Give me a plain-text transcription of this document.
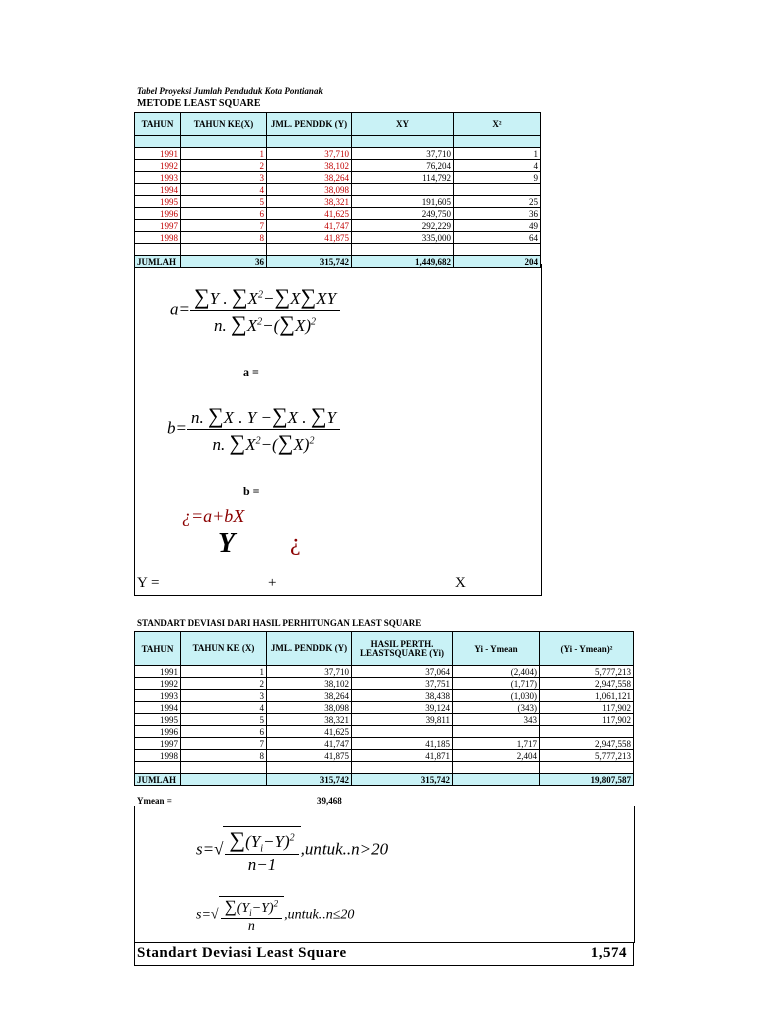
Tabel Proyeksi Jumlah Penduduk Kota Pontianak
METODE LEAST SQUARE
TAHUN	TAHUN KE(X)	JML. PENDDK (Y)	XY	X²

1991	1	37,710	37,710	1
1992	2	38,102	76,204	4
1993	3	38,264	114,792	9
1994	4	38,098		
1995	5	38,321	191,605	25
1996	6	41,625	249,750	36
1997	7	41,747	292,229	49
1998	8	41,875	335,000	64

JUMLAH	36	315,742	1,449,682	204
$a= \frac{\sum Y . \sum X^2-\sum X\sum XY}{n. \sum X^2-(\sum X)^2}$
a =
$b= \frac{n. \sum X . Y -\sum X . \sum Y}{n. \sum X^2-(\sum X)^2}$
b =
¿=a+bX
Y ¿
Y =	+	X
STANDART DEVIASI DARI HASIL PERHITUNGAN LEAST SQUARE
TAHUN	TAHUN KE (X)	JML. PENDDK (Y)	HASIL PERTH. LEASTSQUARE (Yi)	Yi - Ymean	(Yi - Ymean)²
1991	1	37,710	37,064	(2,404)	5,777,213
1992	2	38,102	37,751	(1,717)	2,947,558
1993	3	38,264	38,438	(1,030)	1,061,121
1994	4	38,098	39,124	(343)	117,902
1995	5	38,321	39,811	343	117,902
1996	6	41,625			
1997	7	41,747	41,185	1,717	2,947,558
1998	8	41,875	41,871	2,404	5,777,213

JUMLAH		315,742	315,742		19,807,587
Ymean =	39,468
$s=√ \frac{\sum(Y_i-Y)^2}{n-1}$ ,untuk..n>20
$s=√ \frac{\sum(Y_i-Y)^2}{n}$ ,untuk..n≤20
Standart Deviasi Least Square	1,574
